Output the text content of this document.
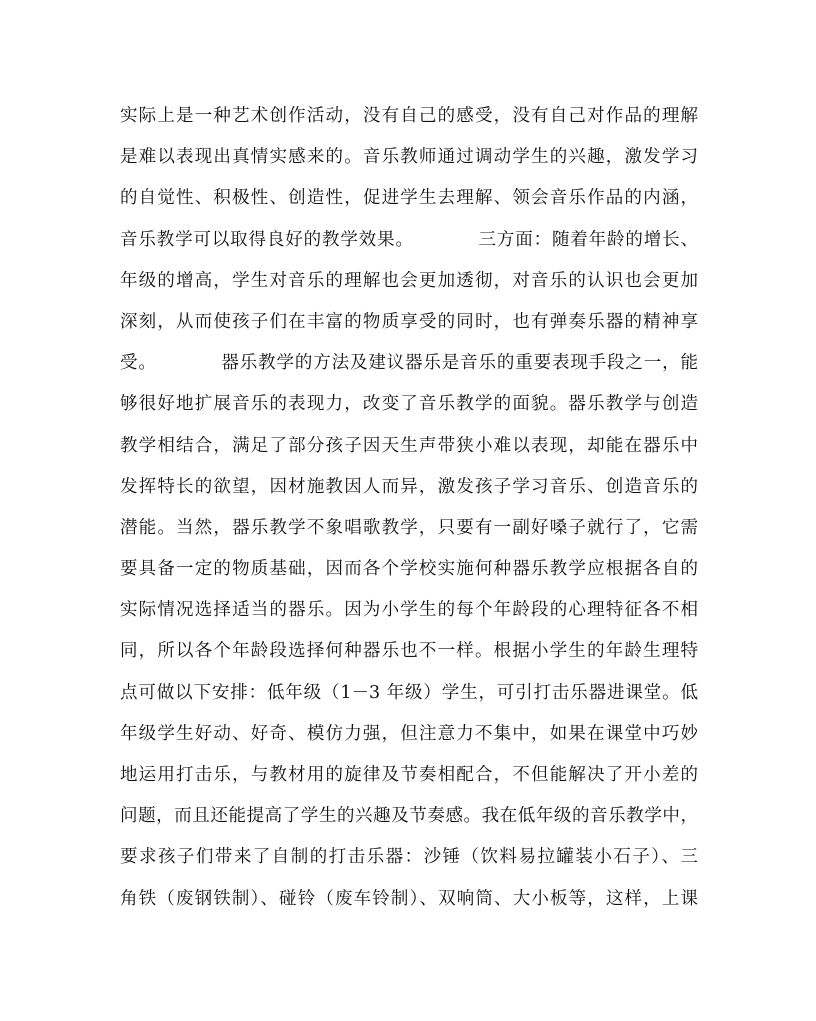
实际上是一种艺术创作活动，没有自己的感受，没有自己对作品的理解
是难以表现出真情实感来的。音乐教师通过调动学生的兴趣，激发学习
的自觉性、积极性、创造性，促进学生去理解、领会音乐作品的内涵，
音乐教学可以取得良好的教学效果。　　　　三方面：随着年龄的增长、
年级的增高，学生对音乐的理解也会更加透彻，对音乐的认识也会更加
深刻，从而使孩子们在丰富的物质享受的同时，也有弹奏乐器的精神享
受。　　　　器乐教学的方法及建议器乐是音乐的重要表现手段之一，能
够很好地扩展音乐的表现力，改变了音乐教学的面貌。器乐教学与创造
教学相结合，满足了部分孩子因天生声带狭小难以表现，却能在器乐中
发挥特长的欲望，因材施教因人而异，激发孩子学习音乐、创造音乐的
潜能。当然，器乐教学不象唱歌教学，只要有一副好嗓子就行了，它需
要具备一定的物质基础，因而各个学校实施何种器乐教学应根据各自的
实际情况选择适当的器乐。因为小学生的每个年龄段的心理特征各不相
同，所以各个年龄段选择何种器乐也不一样。根据小学生的年龄生理特
点可做以下安排：低年级（1－3 年级）学生，可引打击乐器进课堂。低
年级学生好动、好奇、模仿力强，但注意力不集中，如果在课堂中巧妙
地运用打击乐，与教材用的旋律及节奏相配合，不但能解决了开小差的
问题，而且还能提高了学生的兴趣及节奏感。我在低年级的音乐教学中，
要求孩子们带来了自制的打击乐器：沙锤（饮料易拉罐装小石子）、三
角铁（废钢铁制）、碰铃（废车铃制）、双响筒、大小板等，这样，上课
